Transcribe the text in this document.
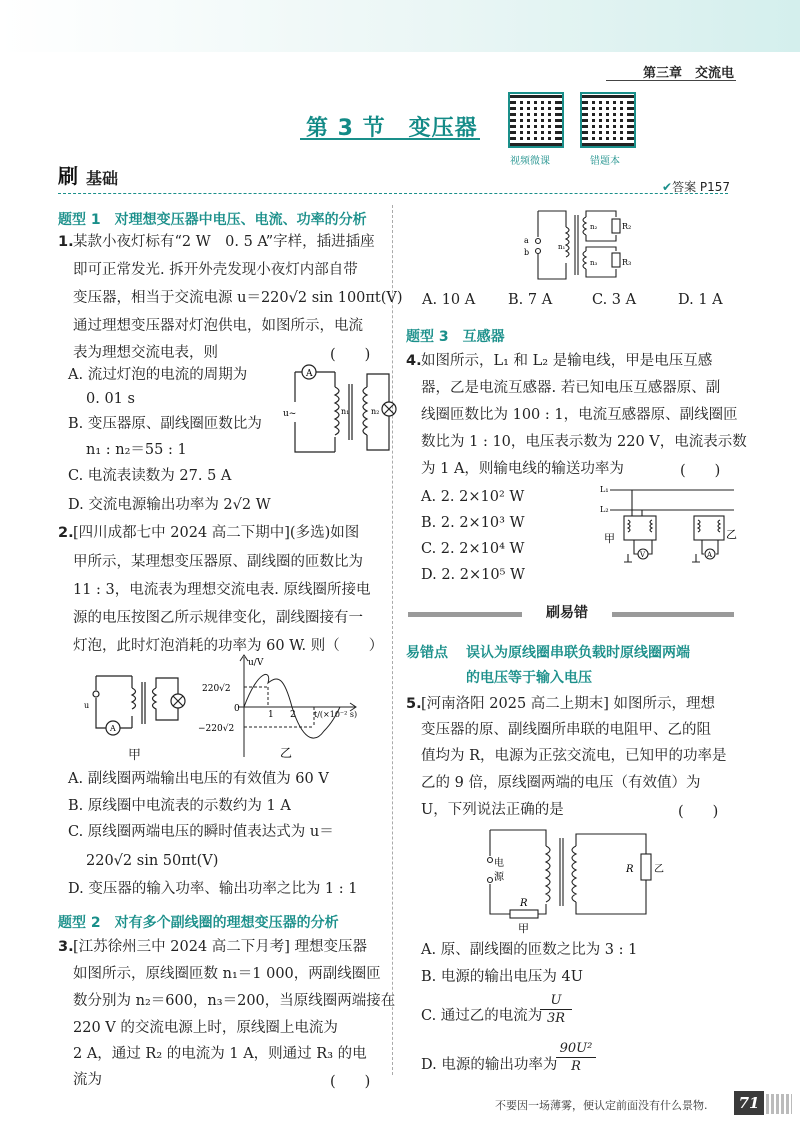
第三章　交流电
第 3 节　变压器
视频微课	错题本
刷 基础	✔答案 P157
题型 1　对理想变压器中电压、电流、功率的分析
1. 某款小夜灯标有“2 W　0. 5 A”字样，插进插座
即可正常发光. 拆开外壳发现小夜灯内部自带
变压器，相当于交流电源 u＝220√2 sin 100πt(V)
通过理想变压器对灯泡供电，如图所示，电流
表为理想交流电表，则	(　　)
A. 流过灯泡的电流的周期为
0. 01 s
B. 变压器原、副线圈匝数比为
n₁ : n₂＝55 : 1
C. 电流表读数为 27. 5 A
D. 交流电源输出功率为 2√2 W
A
u~	n₁	n₂
2. [四川成都七中 2024 高二下期中](多选)如图
甲所示，某理想变压器原、副线圈的匝数比为
11 : 3，电流表为理想交流电表. 原线圈所接电
源的电压按图乙所示规律变化，副线圈接有一
灯泡，此时灯泡消耗的功率为 60 W. 则（　　）
u
A
甲
u/V
220√2
0
−220√2
1 2 t/(×10⁻² s)
乙
A. 副线圈两端输出电压的有效值为 60 V
B. 原线圈中电流表的示数约为 1 A
C. 原线圈两端电压的瞬时值表达式为 u＝
220√2 sin 50πt(V)
D. 变压器的输入功率、输出功率之比为 1 : 1
题型 2　对有多个副线圈的理想变压器的分析
3. [江苏徐州三中 2024 高二下月考] 理想变压器
如图所示，原线圈匝数 n₁＝1 000，两副线圈匝
数分别为 n₂＝600，n₃＝200，当原线圈两端接在
220 V 的交流电源上时，原线圈上电流为
2 A，通过 R₂ 的电流为 1 A，则通过 R₃ 的电
流为	(　　)
a
b
n₁
n₂
n₃
R₂
R₃
A. 10 A B. 7 A	C. 3 A	D. 1 A
题型 3　互感器
4. 如图所示，L₁ 和 L₂ 是输电线，甲是电压互感
器，乙是电流互感器. 若已知电压互感器原、副
线圈匝数比为 100 : 1，电流互感器原、副线圈匝
数比为 1 : 10，电压表示数为 220 V，电流表示数
为 1 A，则输电线的输送功率为	(　　)
A. 2. 2×10² W
B. 2. 2×10³ W
C. 2. 2×10⁴ W
D. 2. 2×10⁵ W
V	A
L₁
L₂
甲	乙
刷易错
易错点 误认为原线圈串联负载时原线圈两端
的电压等于输入电压
5. [河南洛阳 2025 高二上期末] 如图所示，理想
变压器的原、副线圈所串联的电阻甲、乙的阻
值均为 R，电源为正弦交流电，已知甲的功率是
乙的 9 倍，原线圈两端的电压（有效值）为
U，下列说法正确的是	(　　)
电
源
R 乙
R
甲
A. 原、副线圈的匝数之比为 3 : 1
B. 电源的输出电压为 4U
C. 通过乙的电流为
$\frac{U}{3R}$
D. 电源的输出功率为
$\frac{\text{90U²}}{R}$
不要因一场薄雾，便认定前面没有什么景物.	71
